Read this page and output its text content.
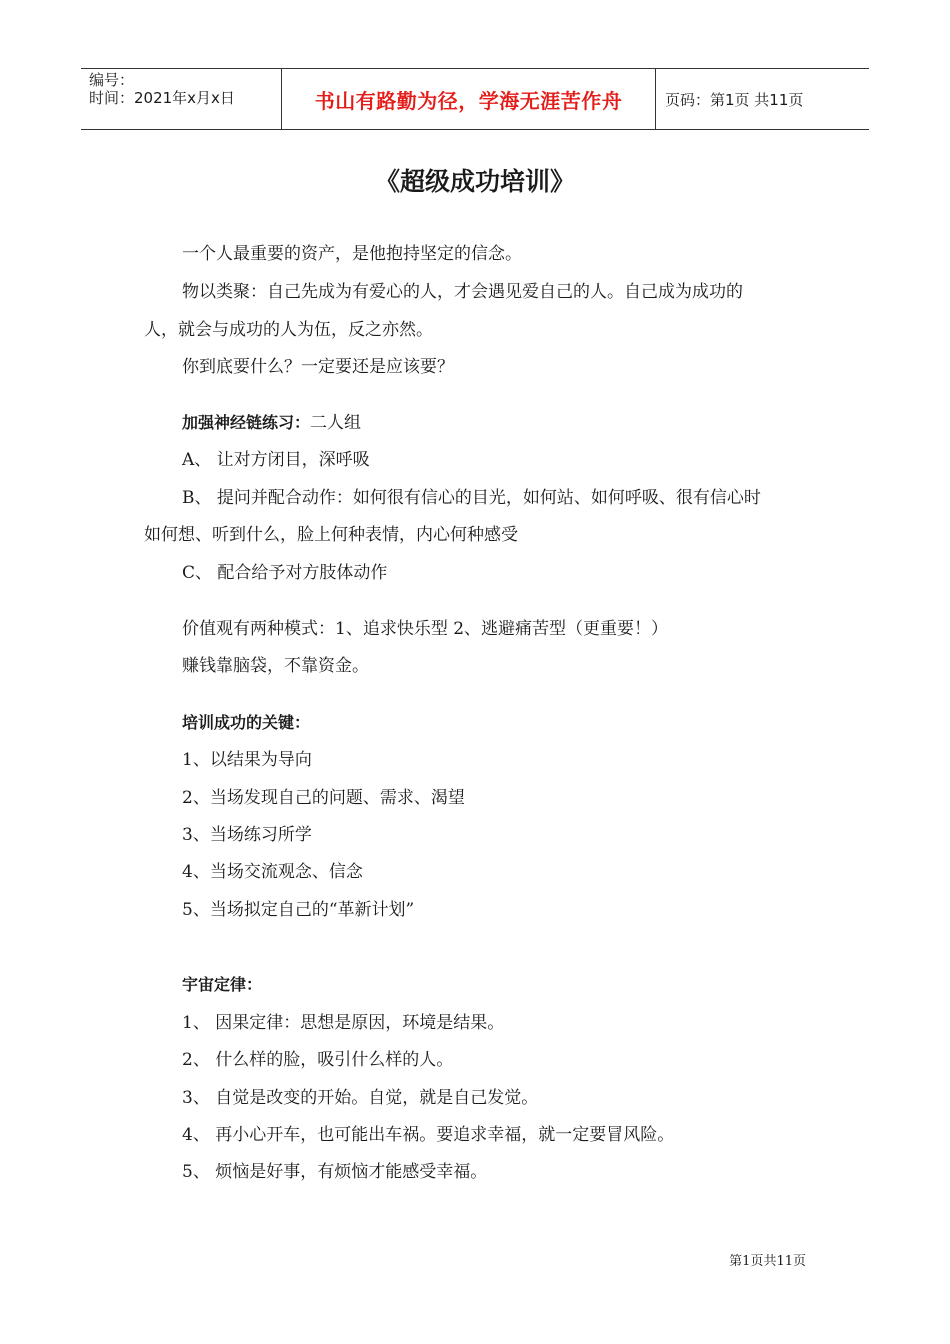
编号：
时间：2021年x月x日	书山有路勤为径，学海无涯苦作舟	页码：第1页 共11页
《超级成功培训》
一个人最重要的资产，是他抱持坚定的信念。
物以类聚：自己先成为有爱心的人，才会遇见爱自己的人。自己成为成功的
人，就会与成功的人为伍，反之亦然。
你到底要什么？一定要还是应该要？
加强神经链练习：二人组
A、 让对方闭目，深呼吸
B、 提问并配合动作：如何很有信心的目光，如何站、如何呼吸、很有信心时
如何想、听到什么，脸上何种表情，内心何种感受
C、 配合给予对方肢体动作
价值观有两种模式：1、追求快乐型 2、逃避痛苦型（更重要！）
赚钱靠脑袋，不靠资金。
培训成功的关键：
1、以结果为导向
2、当场发现自己的问题、需求、渴望
3、当场练习所学
4、当场交流观念、信念
5、当场拟定自己的“革新计划”
宇宙定律：
1、 因果定律：思想是原因，环境是结果。
2、 什么样的脸，吸引什么样的人。
3、 自觉是改变的开始。自觉，就是自己发觉。
4、 再小心开车，也可能出车祸。要追求幸福，就一定要冒风险。
5、 烦恼是好事，有烦恼才能感受幸福。
第1页共11页
